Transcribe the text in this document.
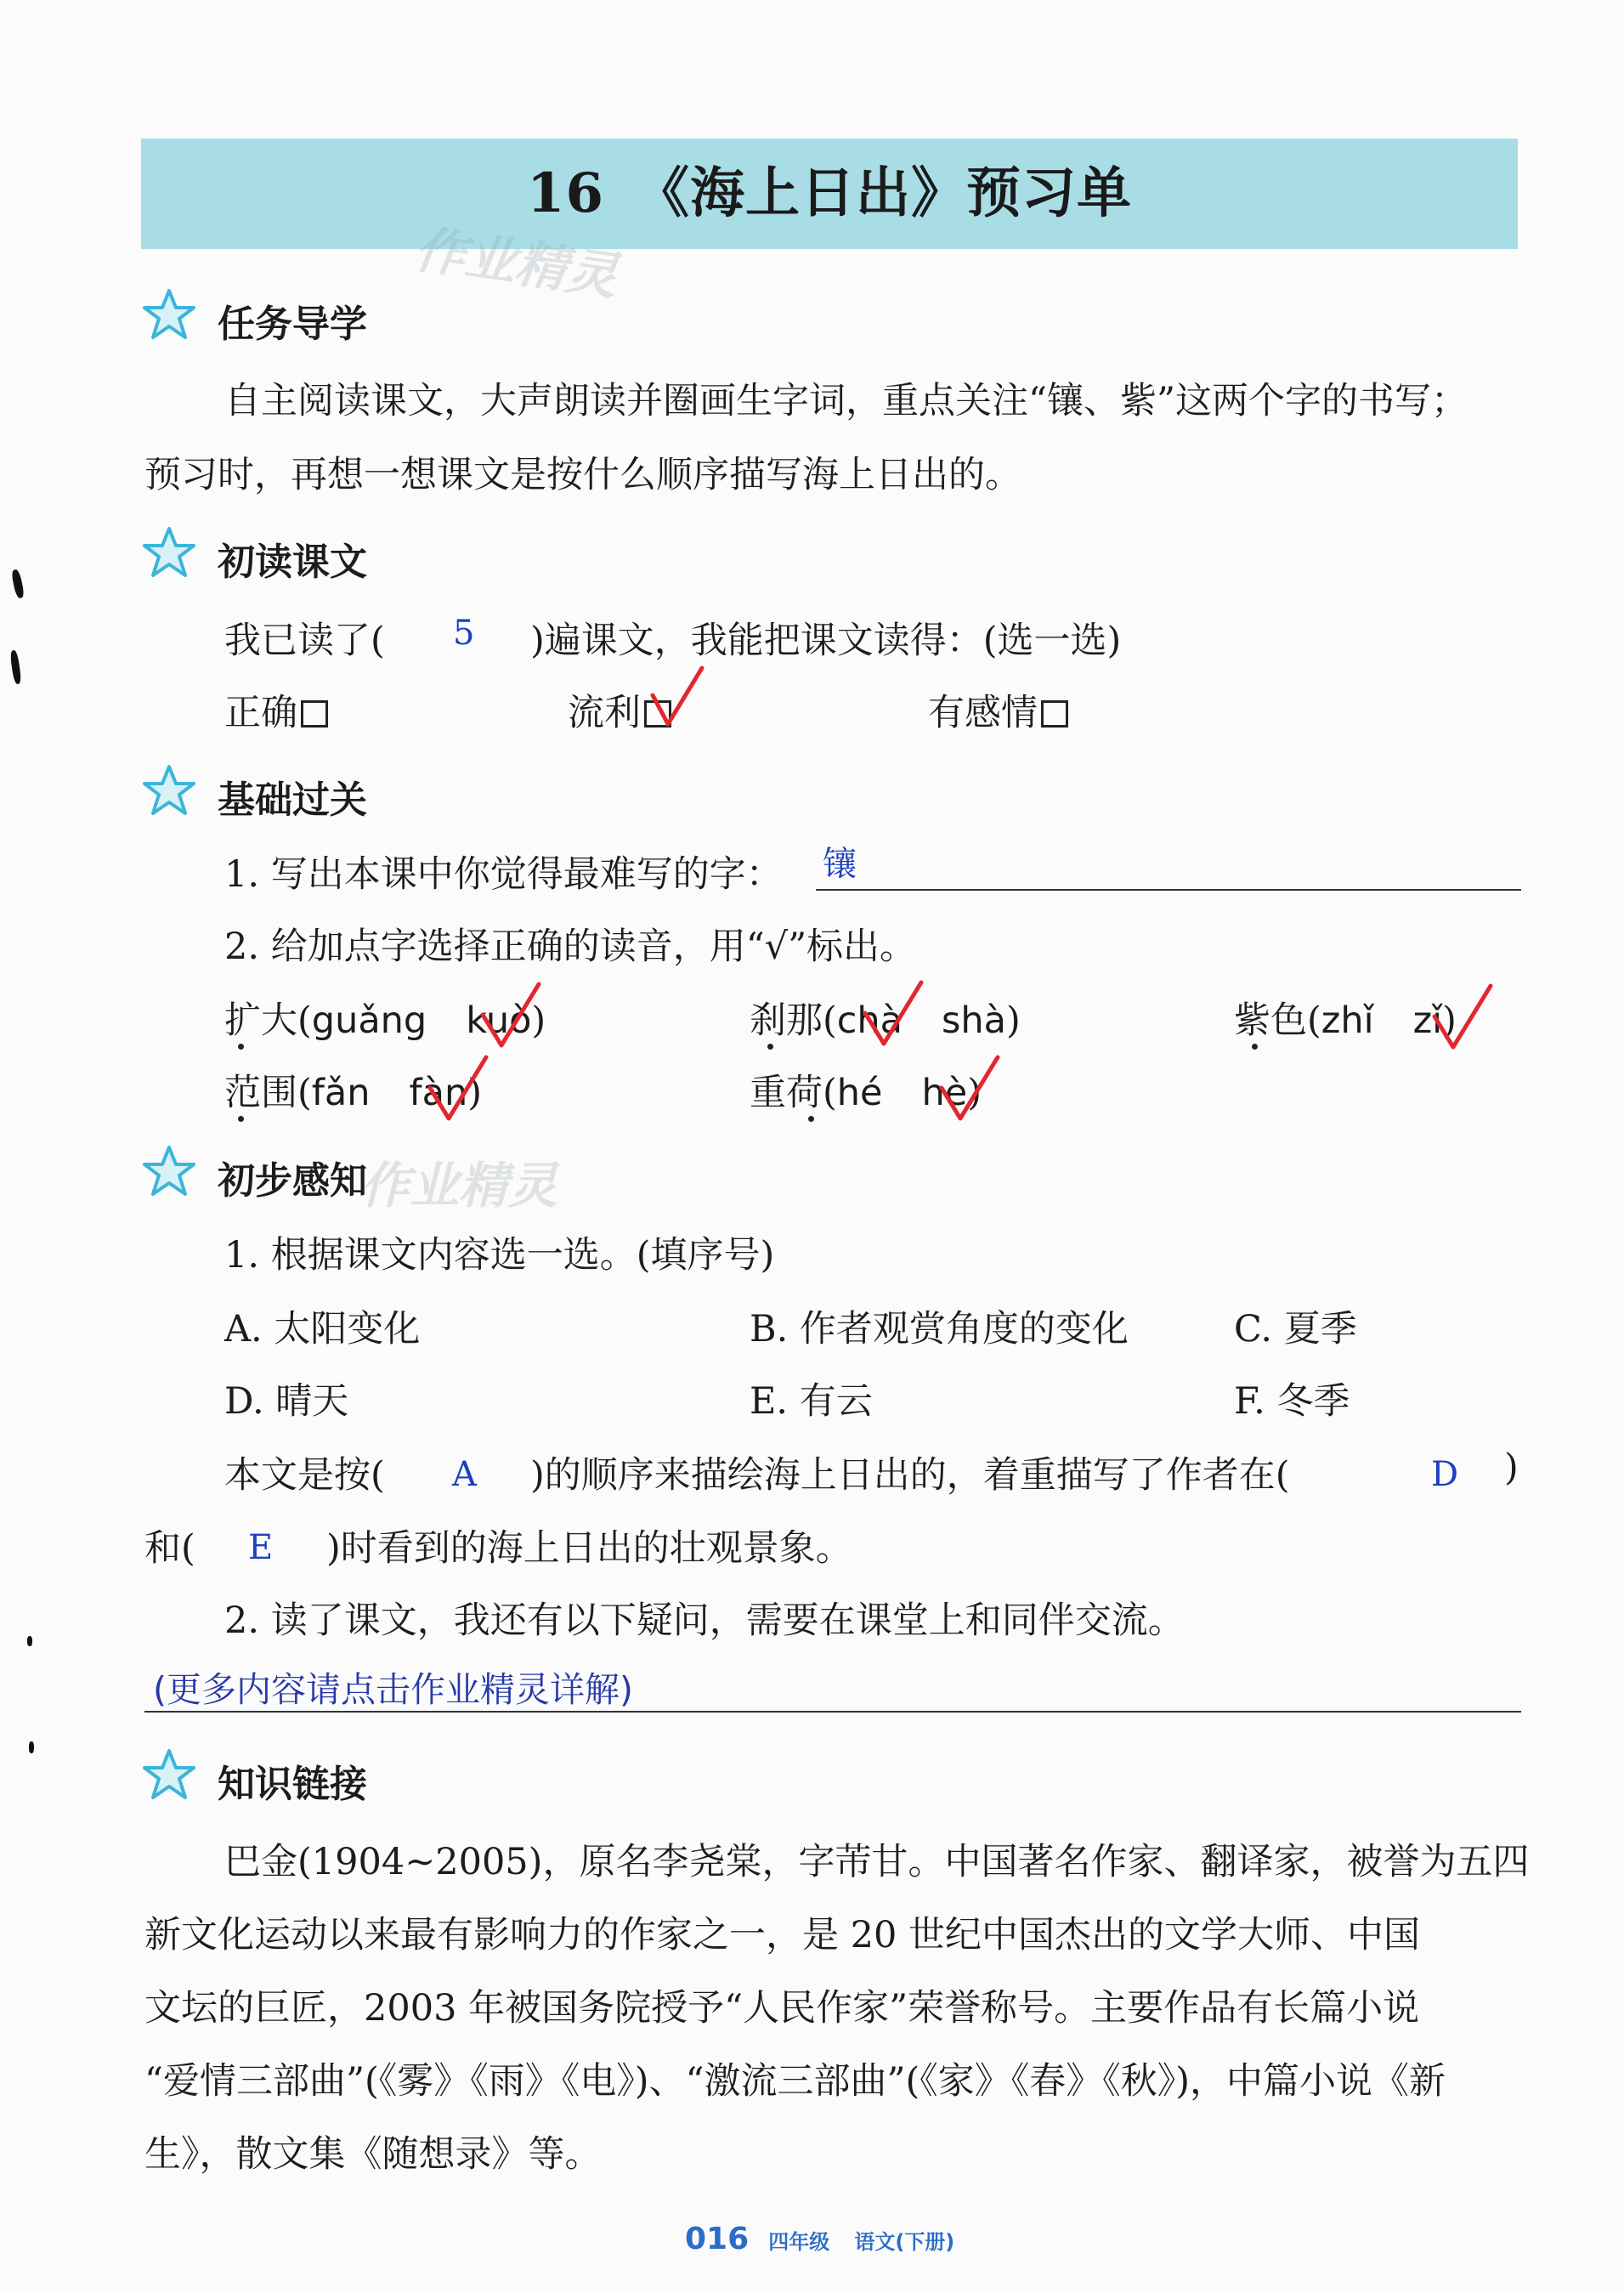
16 《海上日出》预习单
作业精灵
任务导学
自主阅读课文，大声朗读并圈画生字词，重点关注“镶、紫”这两个字的书写；
预习时，再想一想课文是按什么顺序描写海上日出的。
初读课文
我已读了( 5 )遍课文，我能把课文读得：(选一选)
正确	流利	有感情
基础过关
1. 写出本课中你觉得最难写的字： 镶
2. 给加点字选择正确的读音，用“√”标出。
扩大(guǎng kuò)	刹那(chà shà)	紫色(zhǐ zǐ)
范围(fǎn fàn)	重荷(hé hè)
初步感知
作业精灵
1. 根据课文内容选一选。(填序号)
A. 太阳变化	B. 作者观赏角度的变化	C. 夏季
D. 晴天	E. 有云	F. 冬季
本文是按( A )的顺序来描绘海上日出的，着重描写了作者在(	D )
和( E )时看到的海上日出的壮观景象。
2. 读了课文，我还有以下疑问，需要在课堂上和同伴交流。
(更多内容请点击作业精灵详解)
知识链接
巴金(1904~2005)，原名李尧棠，字芾甘。中国著名作家、翻译家，被誉为五四
新文化运动以来最有影响力的作家之一，是 20 世纪中国杰出的文学大师、中国
文坛的巨匠，2003 年被国务院授予“人民作家”荣誉称号。主要作品有长篇小说
“爱情三部曲”(《雾》《雨》《电》)、“激流三部曲”(《家》《春》《秋》)，中篇小说《新
生》，散文集《随想录》等。
016 四年级 语文(下册)
